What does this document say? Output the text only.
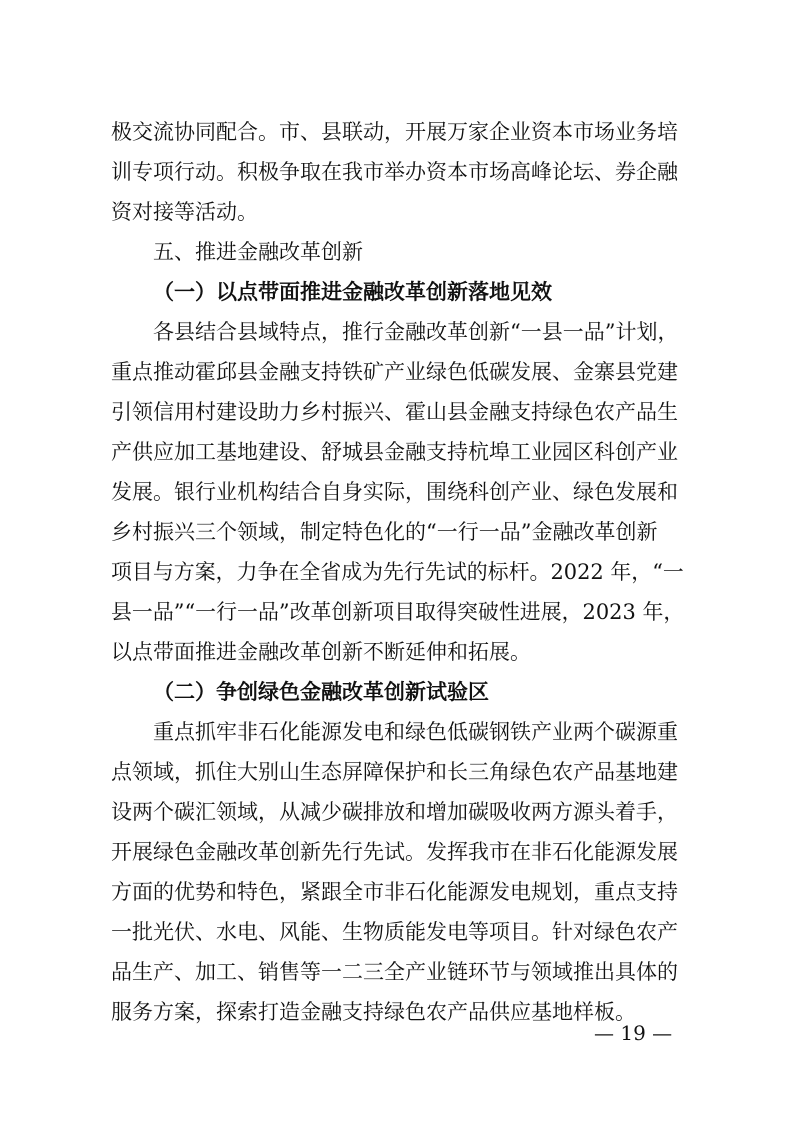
极交流协同配合。市、县联动，开展万家企业资本市场业务培
训专项行动。积极争取在我市举办资本市场高峰论坛、券企融
资对接等活动。
五、推进金融改革创新
（一）以点带面推进金融改革创新落地见效
各县结合县域特点，推行金融改革创新“一县一品”计划，
重点推动霍邱县金融支持铁矿产业绿色低碳发展、金寨县党建
引领信用村建设助力乡村振兴、霍山县金融支持绿色农产品生
产供应加工基地建设、舒城县金融支持杭埠工业园区科创产业
发展。银行业机构结合自身实际，围绕科创产业、绿色发展和
乡村振兴三个领域，制定特色化的“一行一品”金融改革创新
项目与方案，力争在全省成为先行先试的标杆。2022 年，“一
县一品”“一行一品”改革创新项目取得突破性进展，2023 年，
以点带面推进金融改革创新不断延伸和拓展。
（二）争创绿色金融改革创新试验区
重点抓牢非石化能源发电和绿色低碳钢铁产业两个碳源重
点领域，抓住大别山生态屏障保护和长三角绿色农产品基地建
设两个碳汇领域，从减少碳排放和增加碳吸收两方源头着手，
开展绿色金融改革创新先行先试。发挥我市在非石化能源发展
方面的优势和特色，紧跟全市非石化能源发电规划，重点支持
一批光伏、水电、风能、生物质能发电等项目。针对绿色农产
品生产、加工、销售等一二三全产业链环节与领域推出具体的
服务方案，探索打造金融支持绿色农产品供应基地样板。
— 19 —
